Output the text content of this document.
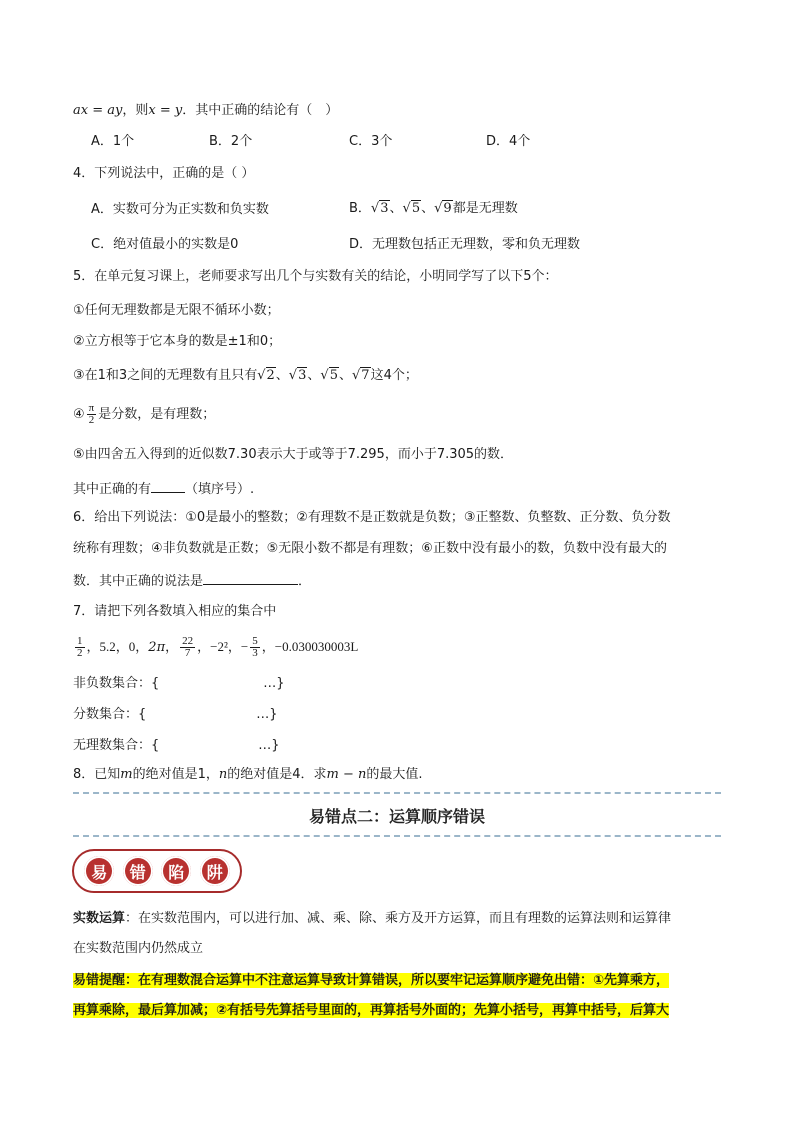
ax = ay，则x = y．其中正确的结论有（　）
A．1个	B．2个	C．3个	D．4个
4．下列说法中，正确的是（ ）
A．实数可分为正实数和负实数	B．√3、√5、√9都是无理数
C．绝对值最小的实数是0	D．无理数包括正无理数，零和负无理数
5．在单元复习课上，老师要求写出几个与实数有关的结论，小明同学写了以下5个：
①任何无理数都是无限不循环小数；
②立方根等于它本身的数是±1和0；
③在1和3之间的无理数有且只有√2、√3、√5、√7这4个；
④ $\frac{\pi}{2}$ 是分数，是有理数；
⑤由四舍五入得到的近似数7.30表示大于或等于7.295，而小于7.305的数．
其中正确的有	（填序号）.
6．给出下列说法：①0是最小的整数；②有理数不是正数就是负数；③正整数、负整数、正分数、负分数
统称有理数；④非负数就是正数；⑤无限小数不都是有理数；⑥正数中没有最小的数，负数中没有最大的
数．其中正确的说法是	．
7．请把下列各数填入相应的集合中
$\frac{1}{2}$ ，5.2，0，2π， $\frac{22}{7}$ ，−2²，− $\frac{5}{3}$ ，−0.030030003L
非负数集合：{	…}
分数集合：{	…}
无理数集合：{	…}
8．已知m的绝对值是1，n的绝对值是4．求m − n的最大值.
易错点二：运算顺序错误
易	错	陷	阱
实数运算：在实数范围内，可以进行加、减、乘、除、乘方及开方运算，而且有理数的运算法则和运算律
在实数范围内仍然成立
易错提醒：在有理数混合运算中不注意运算导致计算错误，所以要牢记运算顺序避免出错：①先算乘方，
再算乘除，最后算加减；②有括号先算括号里面的，再算括号外面的；先算小括号，再算中括号，后算大
